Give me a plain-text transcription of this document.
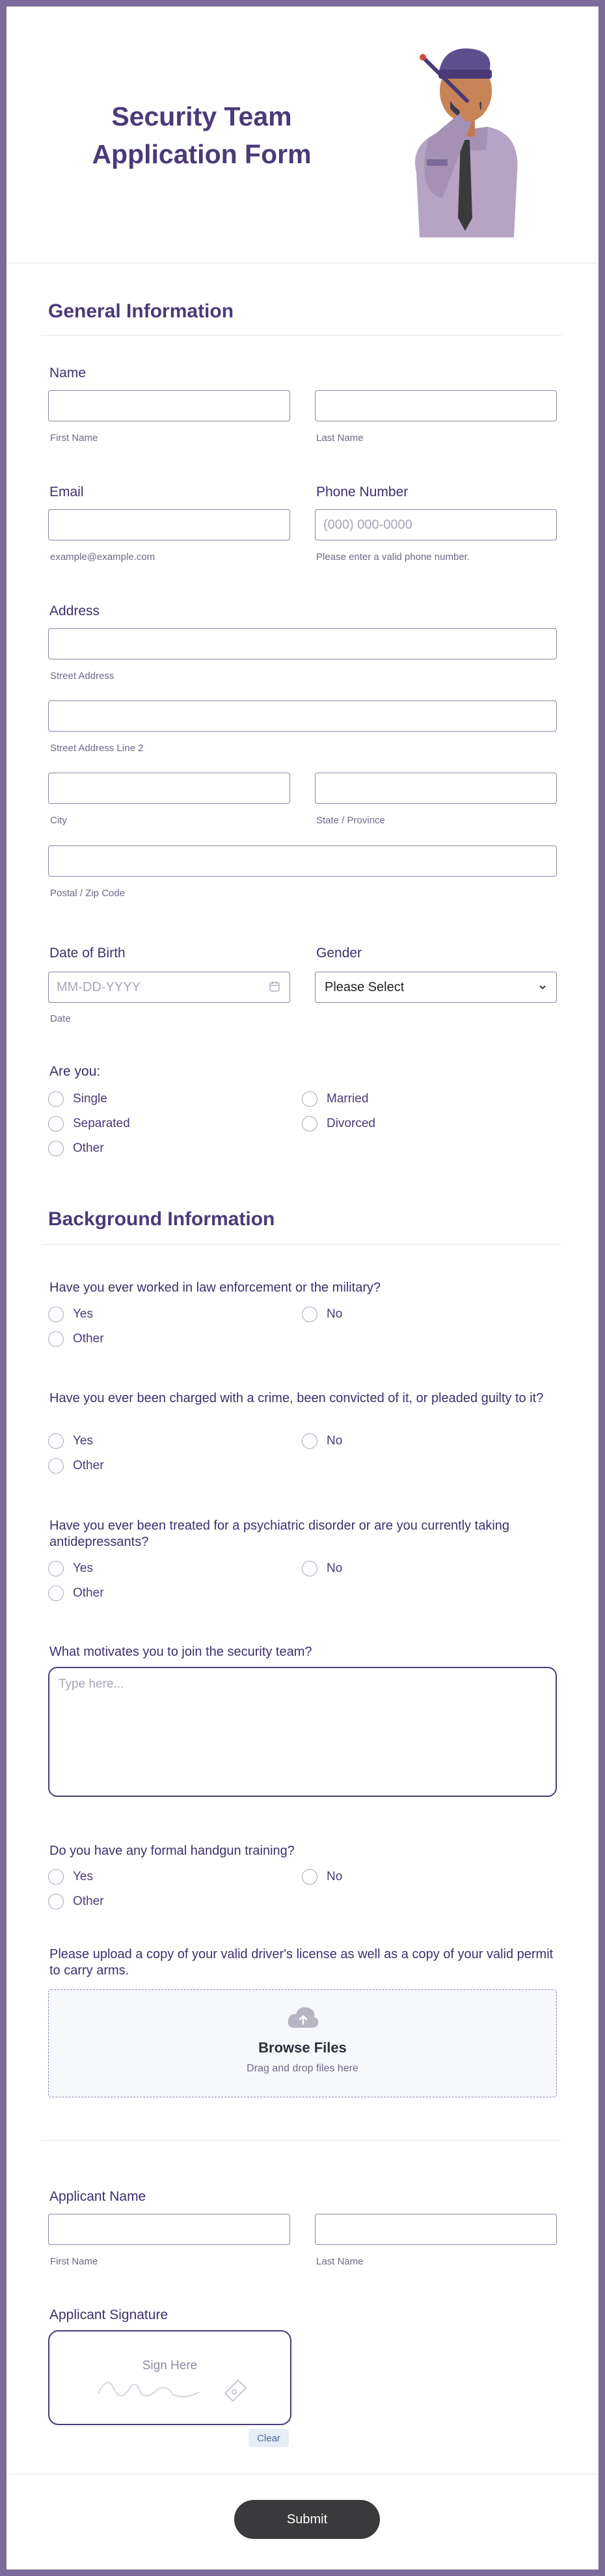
Security Team Application Form
General Information
Name
First Name	Last Name
Email	Phone Number
(000) 000-0000
example@example.com	Please enter a valid phone number.
Address
Street Address
Street Address Line 2
City	State / Province
Postal / Zip Code
Date of Birth	Gender
MM-DD-YYYY
Please Select
Date
Are you:
Single	Married
Separated	Divorced
Other
Background Information
Have you ever worked in law enforcement or the military?
Yes	No
Other
Have you ever been charged with a crime, been convicted of it, or pleaded guilty to it?
Yes	No
Other
Have you ever been treated for a psychiatric disorder or are you currently taking antidepressants?
Yes	No
Other
What motivates you to join the security team?
Type here...
Do you have any formal handgun training?
Yes	No
Other
Please upload a copy of your valid driver's license as well as a copy of your valid permit to carry arms.
Browse Files
Drag and drop files here
Applicant Name
First Name	Last Name
Applicant Signature
Sign Here
Clear
Submit
